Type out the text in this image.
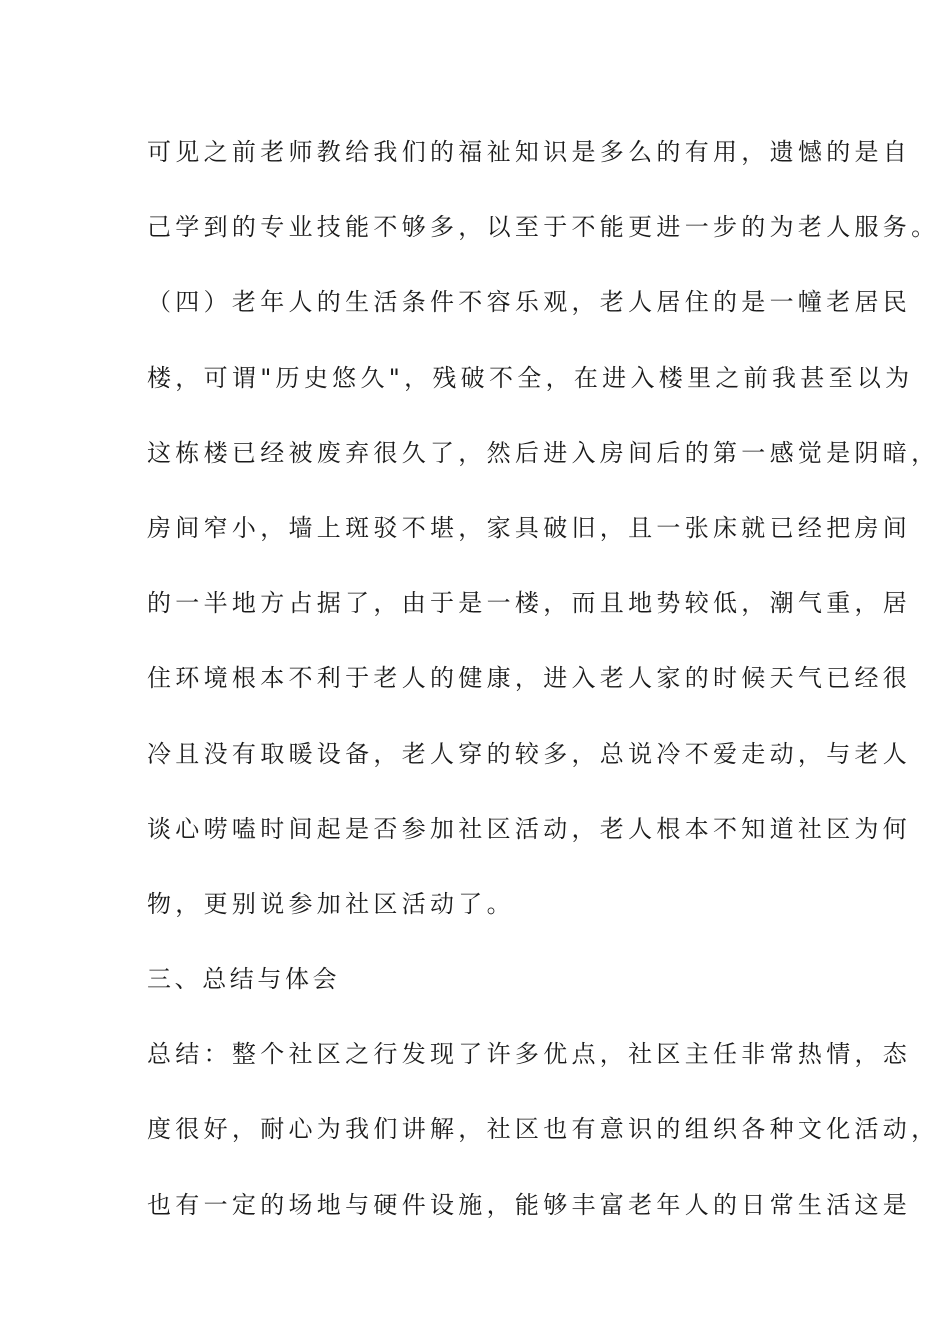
可见之前老师教给我们的福祉知识是多么的有用，遗憾的是自
己学到的专业技能不够多，以至于不能更进一步的为老人服务。
（四）老年人的生活条件不容乐观，老人居住的是一幢老居民
楼，可谓"历史悠久"，残破不全，在进入楼里之前我甚至以为
这栋楼已经被废弃很久了，然后进入房间后的第一感觉是阴暗，
房间窄小，墙上斑驳不堪，家具破旧，且一张床就已经把房间
的一半地方占据了，由于是一楼，而且地势较低，潮气重，居
住环境根本不利于老人的健康，进入老人家的时候天气已经很
冷且没有取暖设备，老人穿的较多，总说冷不爱走动，与老人
谈心唠嗑时间起是否参加社区活动，老人根本不知道社区为何
物，更别说参加社区活动了。
三、总结与体会
总结：整个社区之行发现了许多优点，社区主任非常热情，态
度很好，耐心为我们讲解，社区也有意识的组织各种文化活动，
也有一定的场地与硬件设施，能够丰富老年人的日常生活这是
